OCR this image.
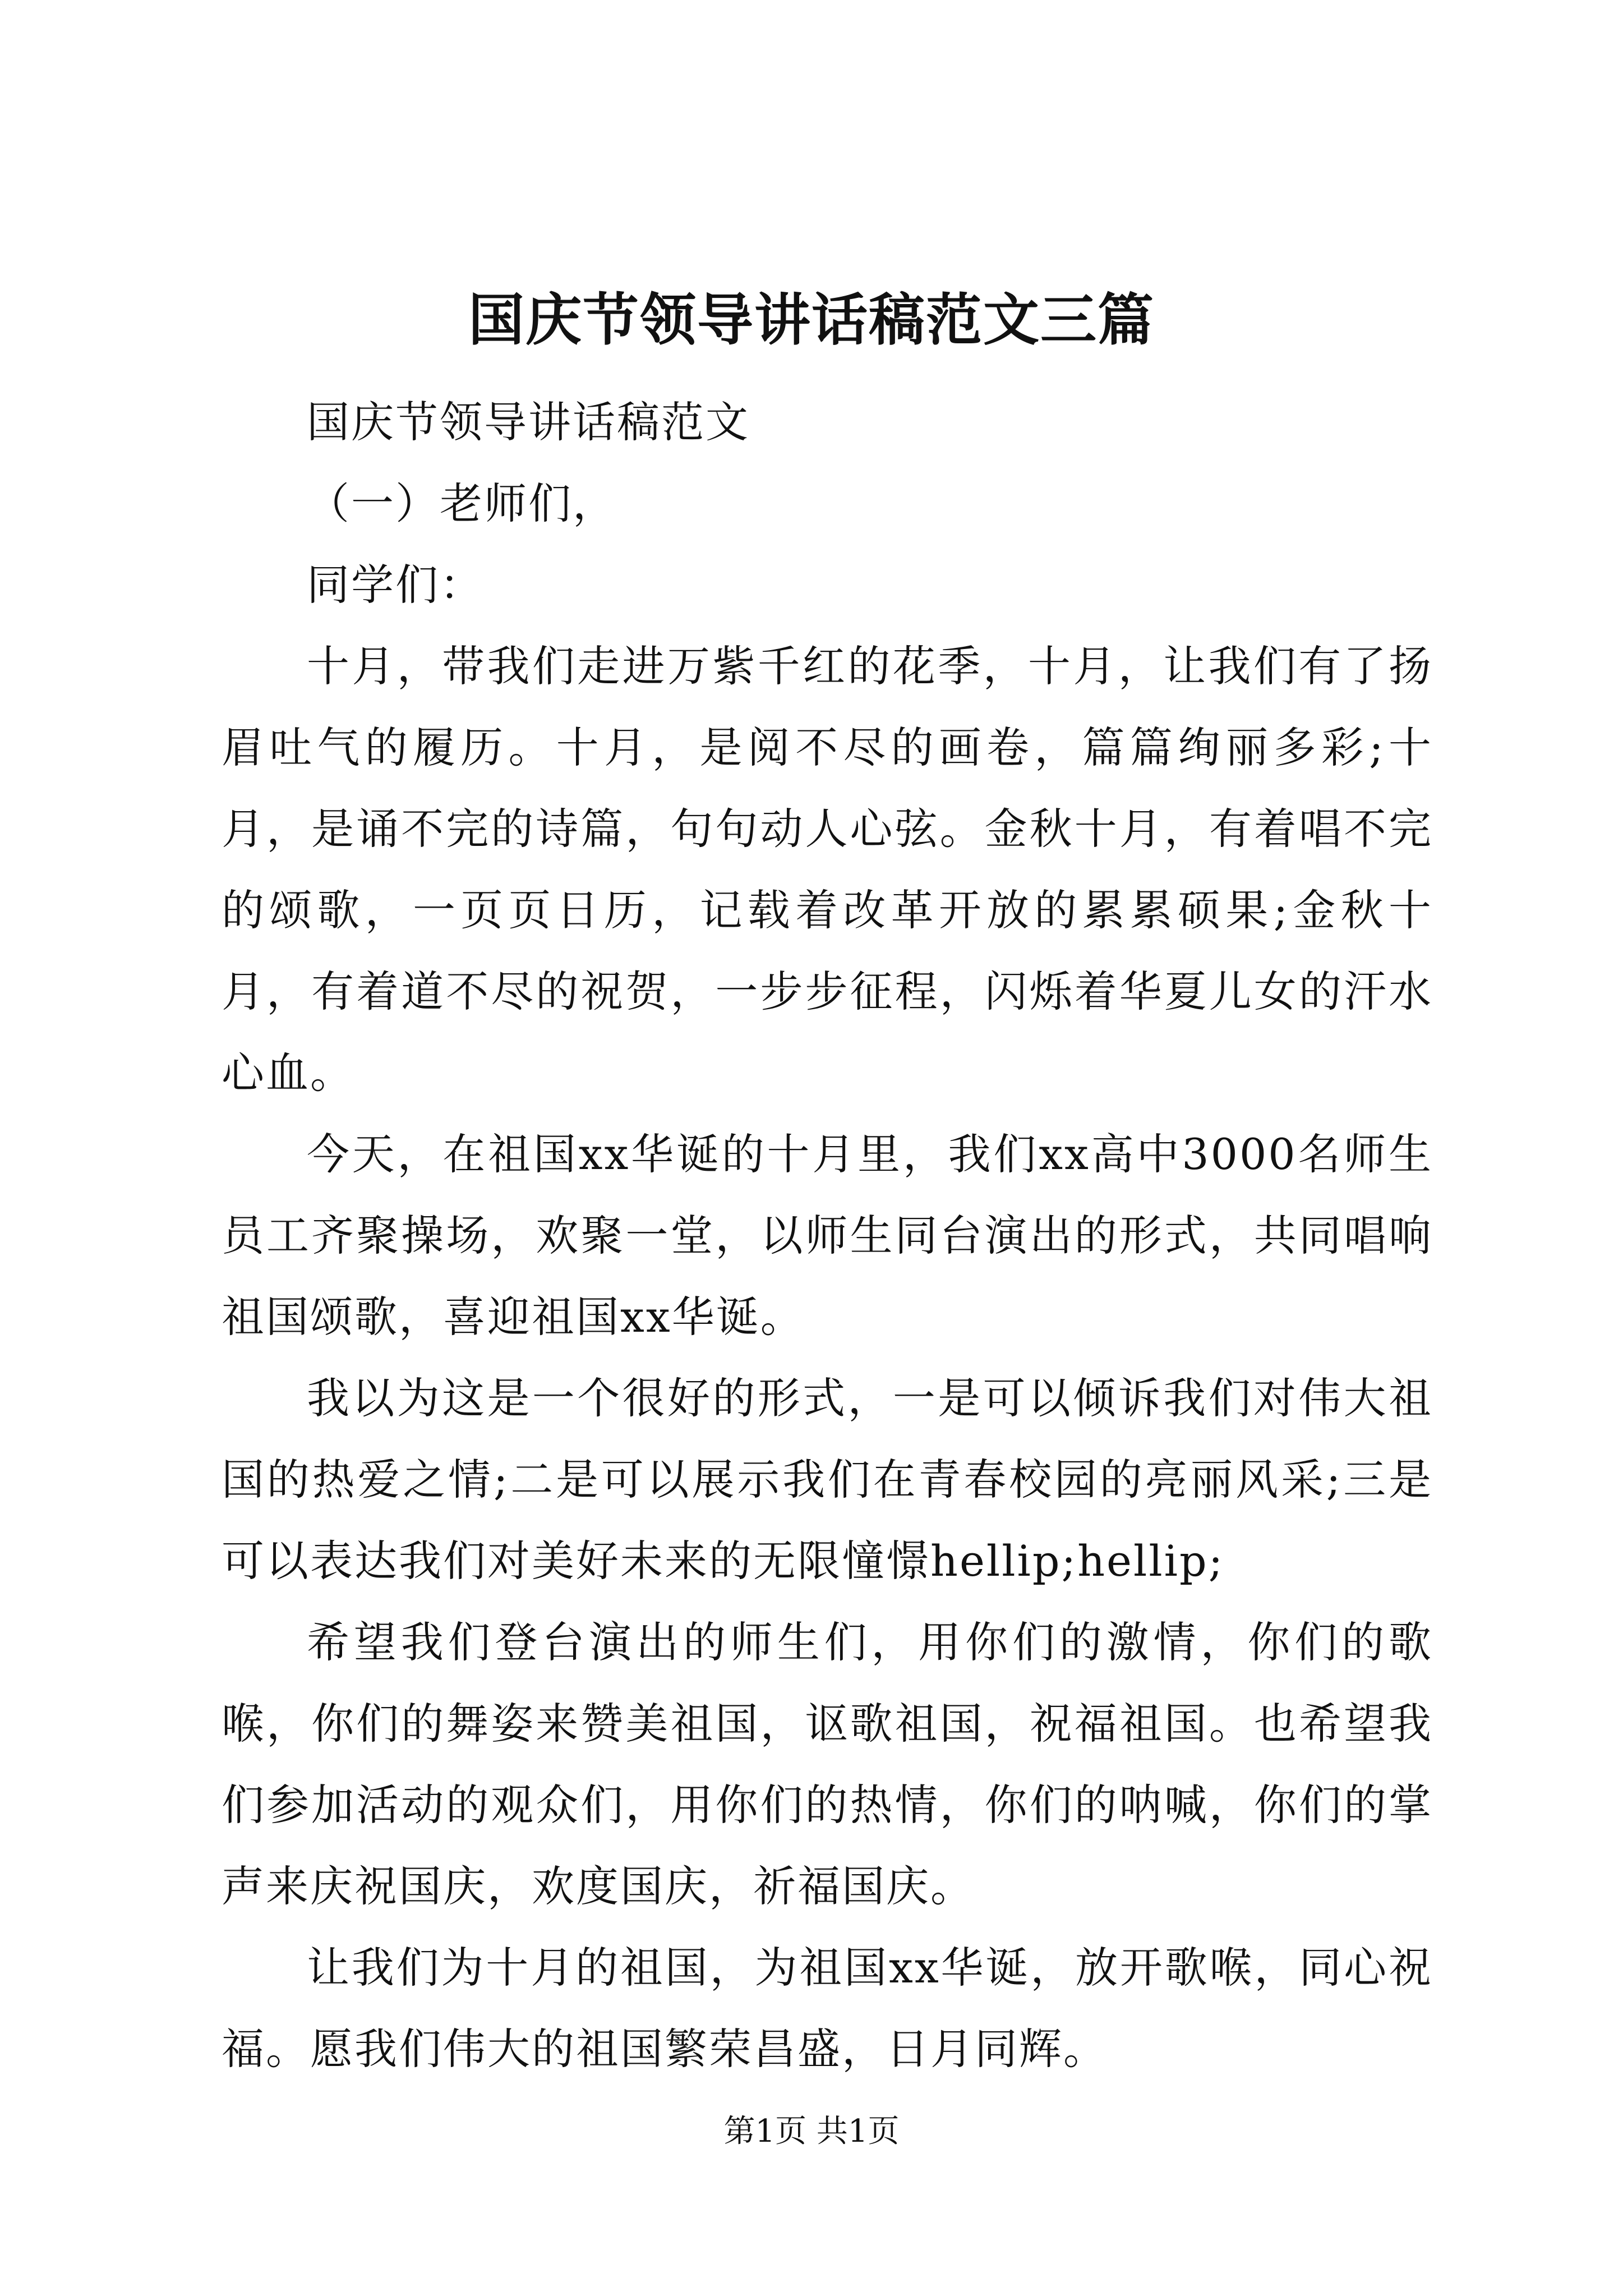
国庆节领导讲话稿范文三篇

国庆节领导讲话稿范文

（一）老师们，

同学们：

十月，带我们走进万紫千红的花季，十月，让我们有了扬眉吐气的履历。十月，是阅不尽的画卷，篇篇绚丽多彩;十月，是诵不完的诗篇，句句动人心弦。金秋十月，有着唱不完的颂歌，一页页日历，记载着改革开放的累累硕果;金秋十月，有着道不尽的祝贺，一步步征程，闪烁着华夏儿女的汗水心血。

今天，在祖国xx华诞的十月里，我们xx高中3000名师生员工齐聚操场，欢聚一堂，以师生同台演出的形式，共同唱响祖国颂歌，喜迎祖国xx华诞。

我以为这是一个很好的形式，一是可以倾诉我们对伟大祖国的热爱之情;二是可以展示我们在青春校园的亮丽风采;三是可以表达我们对美好未来的无限憧憬hellip;hellip;

希望我们登台演出的师生们，用你们的激情，你们的歌喉，你们的舞姿来赞美祖国，讴歌祖国，祝福祖国。也希望我们参加活动的观众们，用你们的热情，你们的呐喊，你们的掌声来庆祝国庆，欢度国庆，祈福国庆。

让我们为十月的祖国，为祖国xx华诞，放开歌喉，同心祝福。愿我们伟大的祖国繁荣昌盛，日月同辉。

第1页 共1页
